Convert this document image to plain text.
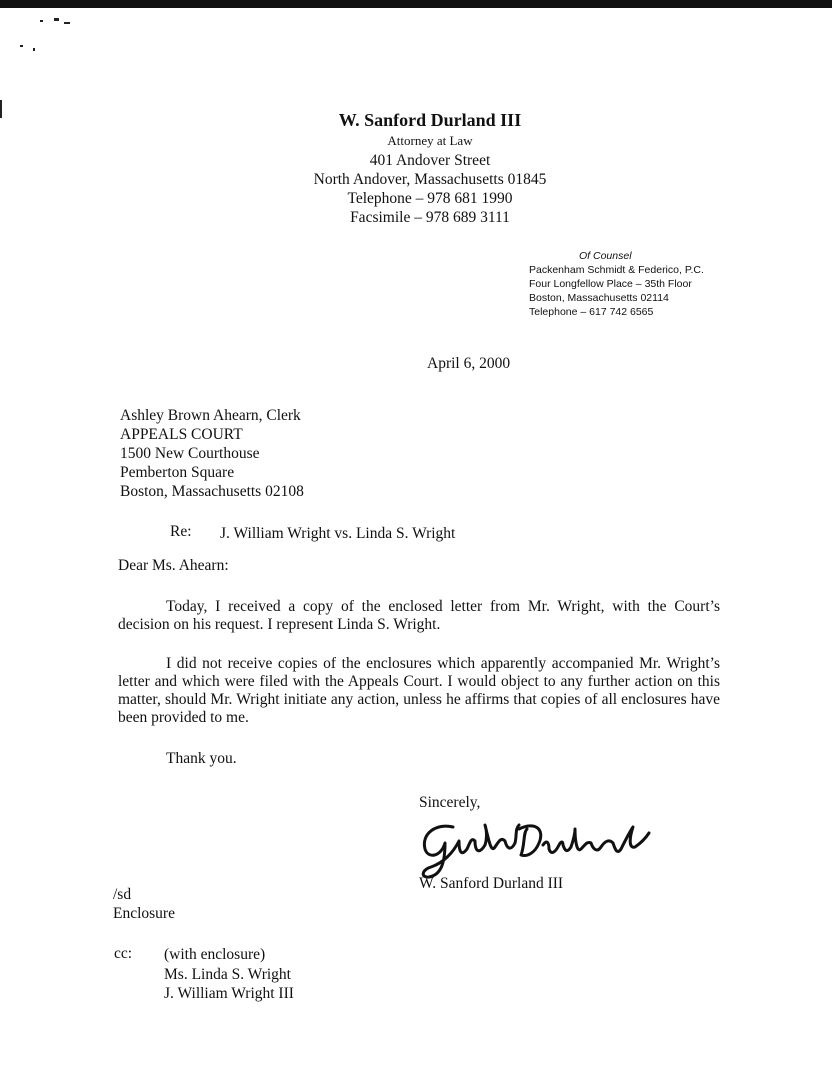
W. Sanford Durland III
Attorney at Law
401 Andover Street
North Andover, Massachusetts 01845
Telephone – 978 681 1990
Facsimile – 978 689 3111
Of Counsel
Packenham Schmidt & Federico, P.C.
Four Longfellow Place – 35th Floor
Boston, Massachusetts 02114
Telephone – 617 742 6565
April 6, 2000
Ashley Brown Ahearn, Clerk
APPEALS COURT
1500 New Courthouse
Pemberton Square
Boston, Massachusetts 02108
Re: J. William Wright vs. Linda S. Wright
Dear Ms. Ahearn:
Today, I received a copy of the enclosed letter from Mr. Wright, with the Court’s decision on his request. I represent Linda S. Wright.
I did not receive copies of the enclosures which apparently accompanied Mr. Wright’s letter and which were filed with the Appeals Court. I would object to any further action on this matter, should Mr. Wright initiate any action, unless he affirms that copies of all enclosures have been provided to me.
Thank you.
Sincerely,
W. Sanford Durland III
/sd
Enclosure
cc: (with enclosure)
Ms. Linda S. Wright
J. William Wright III
